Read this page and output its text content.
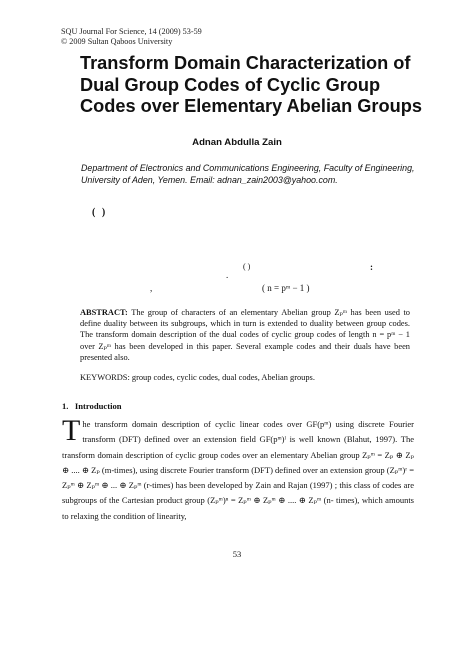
SQU Journal For Science, 14 (2009) 53-59
© 2009 Sultan Qaboos University
Transform Domain Characterization of
Dual Group Codes of Cyclic Group
Codes over Elementary Abelian Groups
Adnan Abdulla Zain
Department of Electronics and Communications Engineering, Faculty of Engineering, University of Aden, Yemen. Email: adnan_zain2003@yahoo.com.
( )
( )	:
.
,	( n = pᵐ − 1 )
ABSTRACT: The group of characters of an elementary Abelian group Zₚᵐ has been used to define duality between its subgroups, which in turn is extended to duality between group codes. The transform domain description of the dual codes of cyclic group codes of length n = pᵐ − 1 over Zₚᵐ has been developed in this paper. Several example codes and their duals have been presented also.
KEYWORDS: group codes, cyclic codes, dual codes, Abelian groups.
1. Introduction
T he transform domain description of cyclic linear codes over GF(pᵐ) using discrete Fourier transform (DFT) defined over an extension field GF(pᵐ)ˡ is well known (Blahut, 1997). The transform domain description of cyclic group codes over an elementary Abelian group Zₚᵐ = Zₚ ⊕ Zₚ ⊕ .... ⊕ Zₚ (m-times), using discrete Fourier transform (DFT) defined over an extension group (Zₚᵐ)ʳ = Zₚᵐ ⊕ Zₚᵐ ⊕ ... ⊕ Zₚᵐ (r-times) has been developed by Zain and Rajan (1997) ; this class of codes are subgroups of the Cartesian product group (Zₚᵐ)ⁿ = Zₚᵐ ⊕ Zₚᵐ ⊕ .... ⊕ Zₚᵐ (n- times), which amounts to relaxing the condition of linearity,
53
